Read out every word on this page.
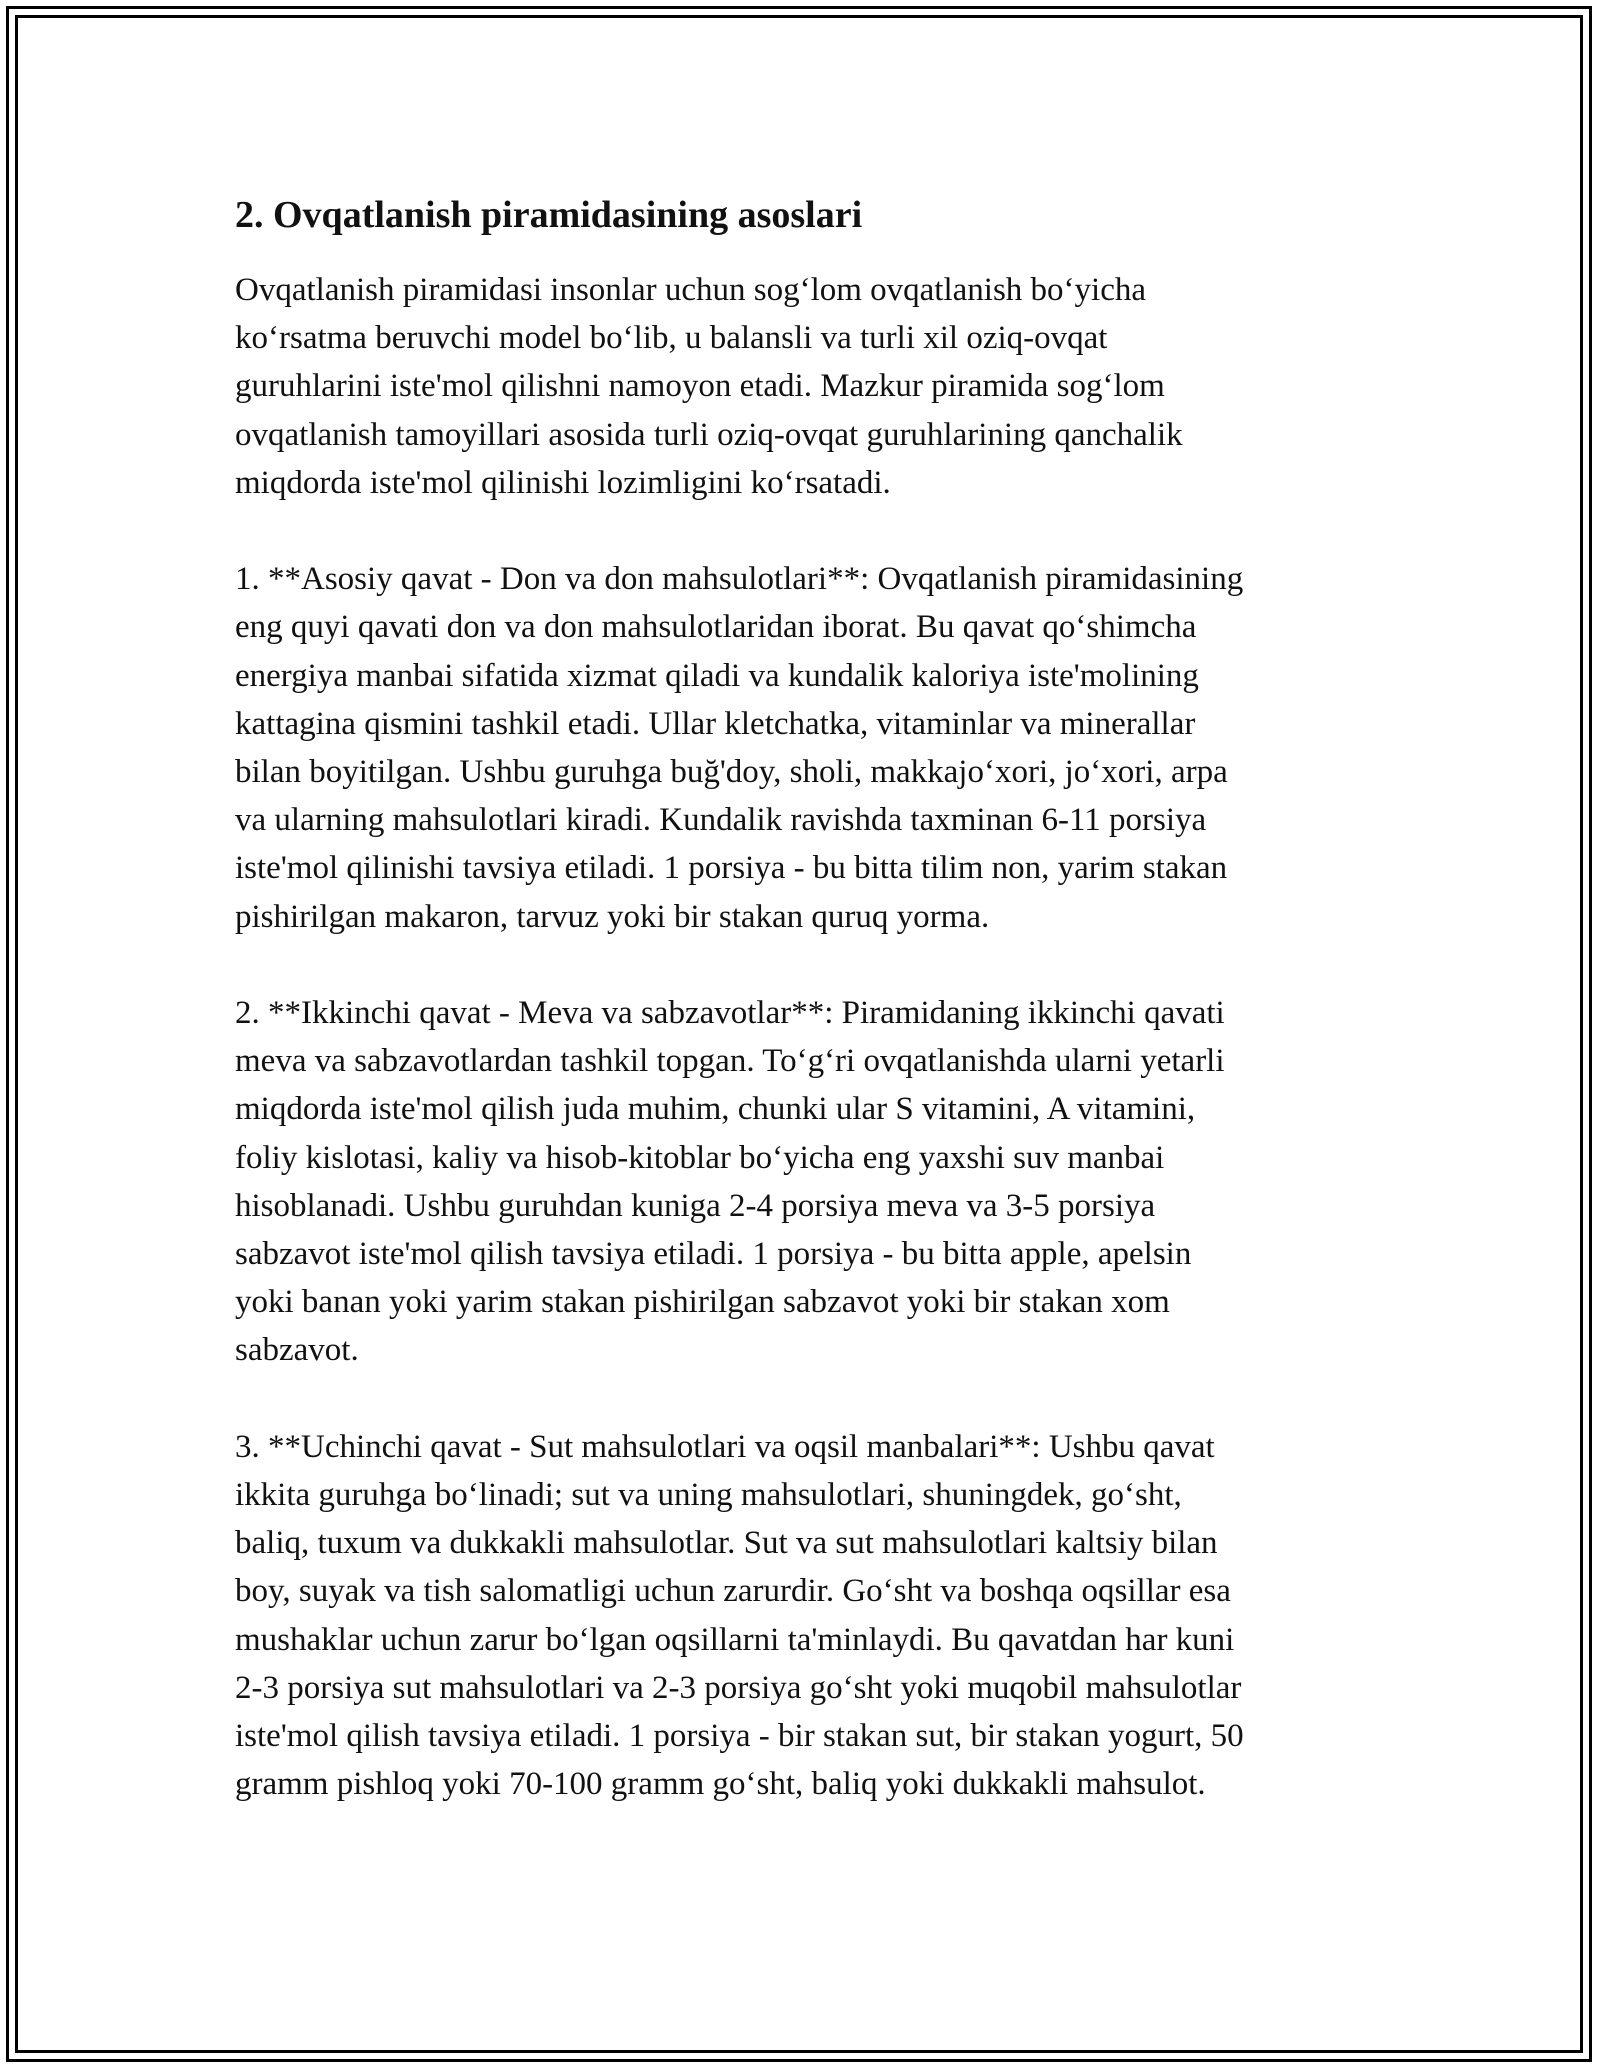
2. Ovqatlanish piramidasining asoslari
Ovqatlanish piramidasi insonlar uchun sog‘lom ovqatlanish bo‘yicha
ko‘rsatma beruvchi model bo‘lib, u balansli va turli xil oziq-ovqat
guruhlarini iste'mol qilishni namoyon etadi. Mazkur piramida sog‘lom
ovqatlanish tamoyillari asosida turli oziq-ovqat guruhlarining qanchalik
miqdorda iste'mol qilinishi lozimligini ko‘rsatadi.
1. **Asosiy qavat - Don va don mahsulotlari**: Ovqatlanish piramidasining
eng quyi qavati don va don mahsulotlaridan iborat. Bu qavat qo‘shimcha
energiya manbai sifatida xizmat qiladi va kundalik kaloriya iste'molining
kattagina qismini tashkil etadi. Ullar kletchatka, vitaminlar va minerallar
bilan boyitilgan. Ushbu guruhga buğ'doy, sholi, makkajo‘xori, jo‘xori, arpa
va ularning mahsulotlari kiradi. Kundalik ravishda taxminan 6-11 porsiya
iste'mol qilinishi tavsiya etiladi. 1 porsiya - bu bitta tilim non, yarim stakan
pishirilgan makaron, tarvuz yoki bir stakan quruq yorma.
2. **Ikkinchi qavat - Meva va sabzavotlar**: Piramidaning ikkinchi qavati
meva va sabzavotlardan tashkil topgan. To‘g‘ri ovqatlanishda ularni yetarli
miqdorda iste'mol qilish juda muhim, chunki ular S vitamini, A vitamini,
foliy kislotasi, kaliy va hisob-kitoblar bo‘yicha eng yaxshi suv manbai
hisoblanadi. Ushbu guruhdan kuniga 2-4 porsiya meva va 3-5 porsiya
sabzavot iste'mol qilish tavsiya etiladi. 1 porsiya - bu bitta apple, apelsin
yoki banan yoki yarim stakan pishirilgan sabzavot yoki bir stakan xom
sabzavot.
3. **Uchinchi qavat - Sut mahsulotlari va oqsil manbalari**: Ushbu qavat
ikkita guruhga bo‘linadi; sut va uning mahsulotlari, shuningdek, go‘sht,
baliq, tuxum va dukkakli mahsulotlar. Sut va sut mahsulotlari kaltsiy bilan
boy, suyak va tish salomatligi uchun zarurdir. Go‘sht va boshqa oqsillar esa
mushaklar uchun zarur bo‘lgan oqsillarni ta'minlaydi. Bu qavatdan har kuni
2-3 porsiya sut mahsulotlari va 2-3 porsiya go‘sht yoki muqobil mahsulotlar
iste'mol qilish tavsiya etiladi. 1 porsiya - bir stakan sut, bir stakan yogurt, 50
gramm pishloq yoki 70-100 gramm go‘sht, baliq yoki dukkakli mahsulot.
